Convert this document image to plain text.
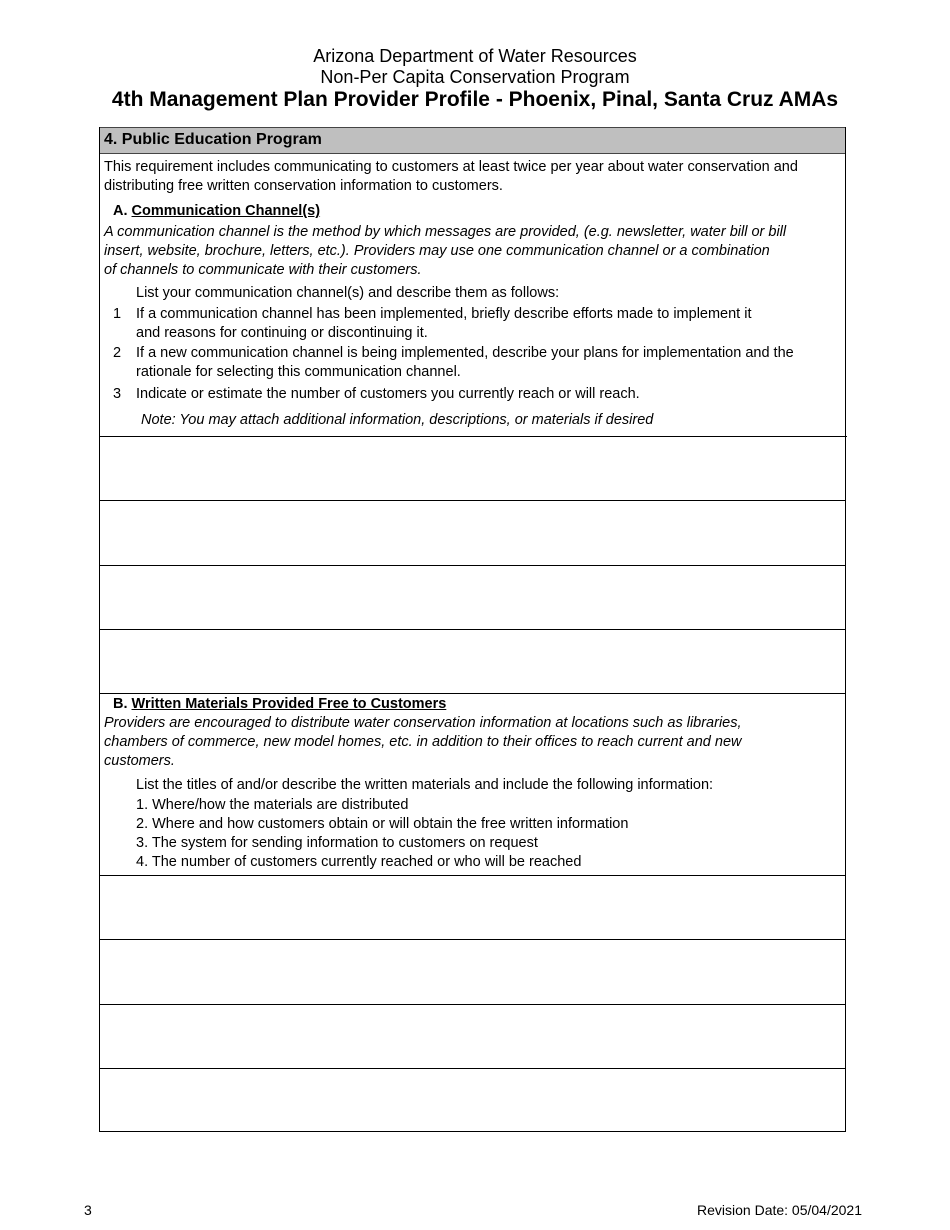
Arizona Department of Water Resources
Non-Per Capita Conservation Program
4th Management Plan Provider Profile - Phoenix, Pinal, Santa Cruz AMAs
4. Public Education Program
This requirement includes communicating to customers at least twice per year about water conservation and
distributing free written conservation information to customers.
A. Communication Channel(s)
A communication channel is the method by which messages are provided, (e.g. newsletter, water bill or bill
insert, website, brochure, letters, etc.). Providers may use one communication channel or a combination
of channels to communicate with their customers.
List your communication channel(s) and describe them as follows:
1 If a communication channel has been implemented, briefly describe efforts made to implement it
and reasons for continuing or discontinuing it.
2 If a new communication channel is being implemented, describe your plans for implementation and the
rationale for selecting this communication channel.
3 Indicate or estimate the number of customers you currently reach or will reach.
Note: You may attach additional information, descriptions, or materials if desired
B. Written Materials Provided Free to Customers
Providers are encouraged to distribute water conservation information at locations such as libraries,
chambers of commerce, new model homes, etc. in addition to their offices to reach current and new
customers.
List the titles of and/or describe the written materials and include the following information:
1. Where/how the materials are distributed
2. Where and how customers obtain or will obtain the free written information
3. The system for sending information to customers on request
4. The number of customers currently reached or who will be reached
3	Revision Date: 05/04/2021
